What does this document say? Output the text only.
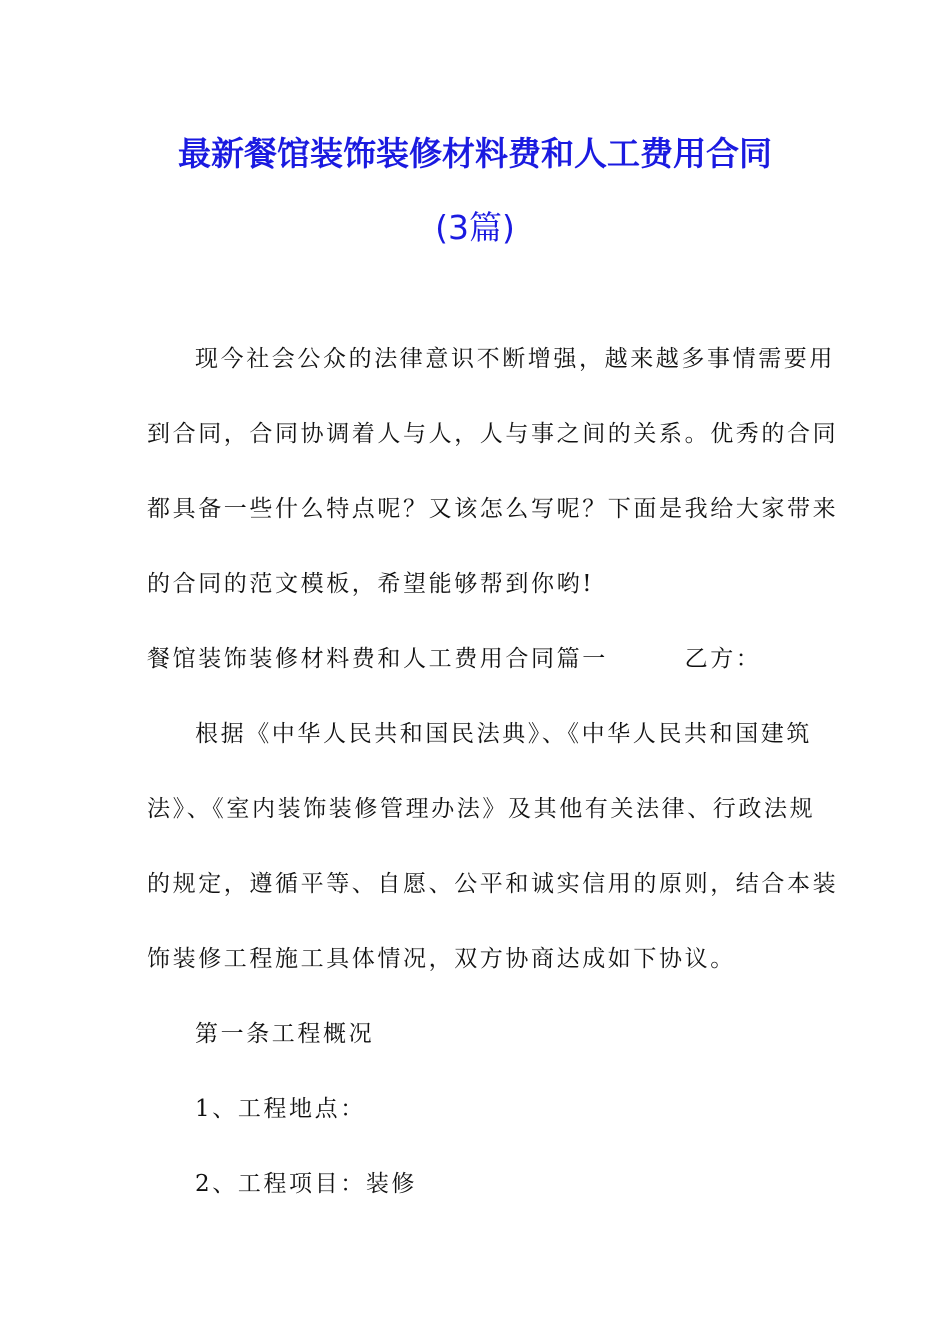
最新餐馆装饰装修材料费和人工费用合同
(3篇)
现今社会公众的法律意识不断增强，越来越多事情需要用
到合同，合同协调着人与人，人与事之间的关系。优秀的合同
都具备一些什么特点呢？又该怎么写呢？下面是我给大家带来
的合同的范文模板，希望能够帮到你哟!
餐馆装饰装修材料费和人工费用合同篇一　　　乙方：
根据《中华人民共和国民法典》、《中华人民共和国建筑
法》、《室内装饰装修管理办法》及其他有关法律、行政法规
的规定，遵循平等、自愿、公平和诚实信用的原则，结合本装
饰装修工程施工具体情况，双方协商达成如下协议。
第一条工程概况
1、工程地点：
2、工程项目：装修
